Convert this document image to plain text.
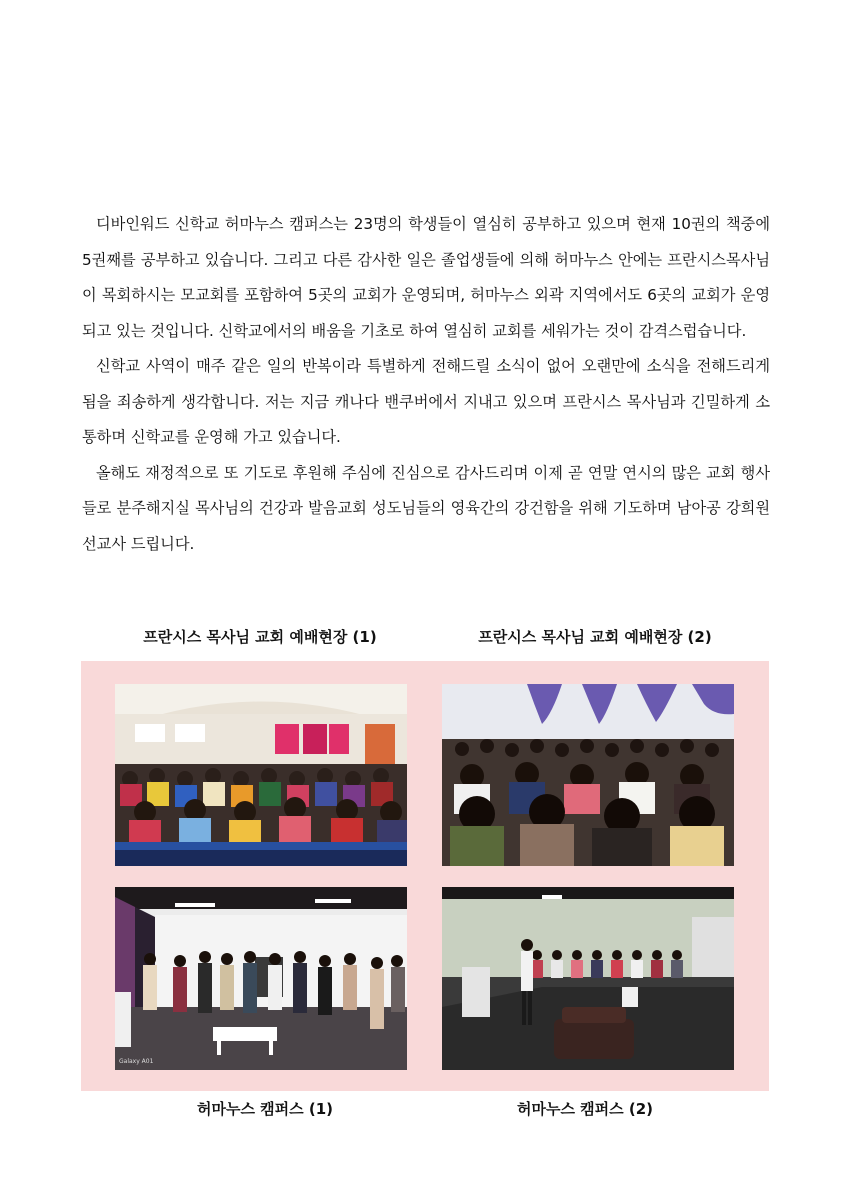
디바인워드 신학교 허마누스 캠퍼스는 23명의 학생들이 열심히 공부하고 있으며 현재 10권의 책중에 5권째를 공부하고 있습니다. 그리고 다른 감사한 일은 졸업생들에 의해 허마누스 안에는 프란시스목사님이 목회하시는 모교회를 포함하여 5곳의 교회가 운영되며, 허마누스 외곽 지역에서도 6곳의 교회가 운영되고 있는 것입니다. 신학교에서의 배움을 기초로 하여 열심히 교회를 세워가는 것이 감격스럽습니다.

신학교 사역이 매주 같은 일의 반복이라 특별하게 전해드릴 소식이 없어 오랜만에 소식을 전해드리게 됨을 죄송하게 생각합니다. 저는 지금 캐나다 밴쿠버에서 지내고 있으며 프란시스 목사님과 긴밀하게 소통하며 신학교를 운영해 가고 있습니다.

올해도 재정적으로 또 기도로 후원해 주심에 진심으로 감사드리며 이제 곧 연말 연시의 많은 교회 행사들로 분주해지실 목사님의 건강과 발음교회 성도님들의 영육간의 강건함을 위해 기도하며 남아공 강희원선교사 드립니다.

프란시스 목사님 교회 예배현장 (1)	프란시스 목사님 교회 예배현장 (2)
Galaxy A01
허마누스 캠퍼스 (1)	허마누스 캠퍼스 (2)
